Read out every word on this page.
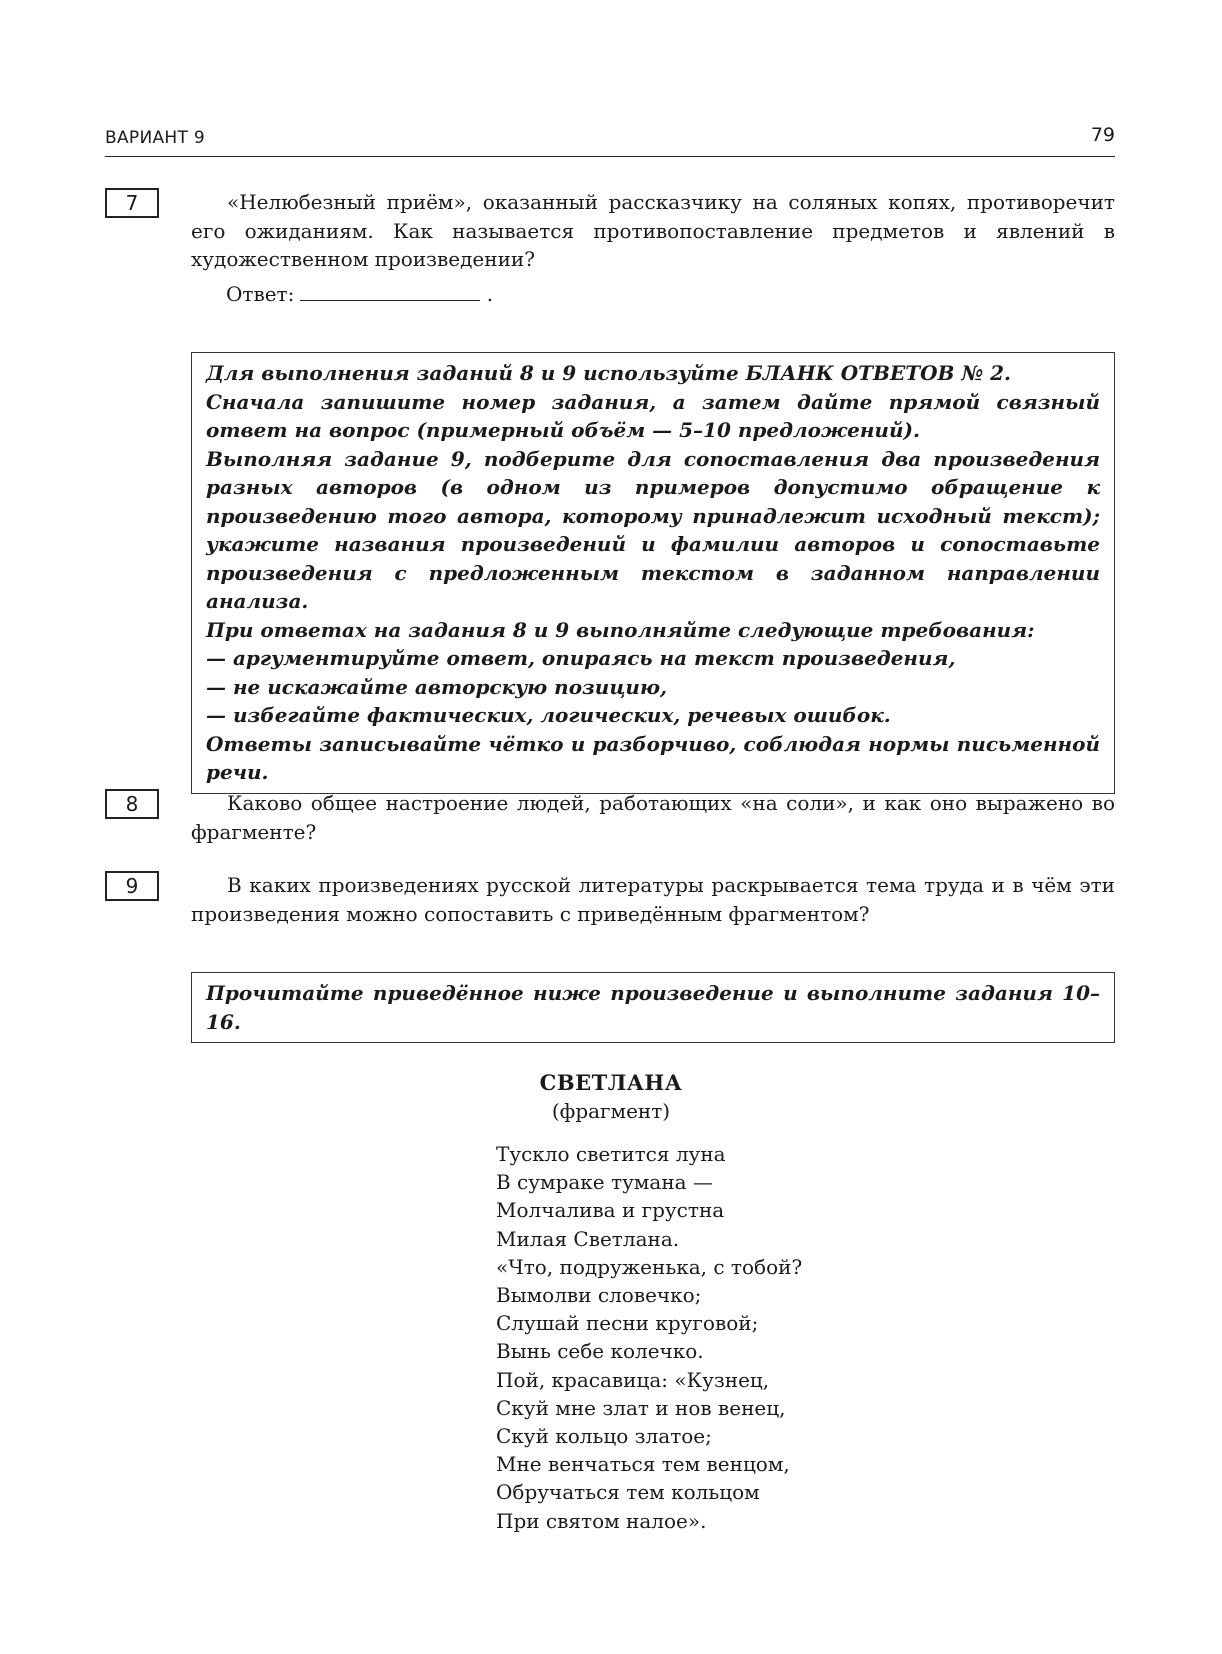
ВАРИАНТ 9	79
7	«Нелюбезный приём», оказанный рассказчику на соляных копях, противоречит его ожиданиям. Как называется противопоставление предметов и явлений в художественном произведении?
Ответ:	.

Для выполнения заданий 8 и 9 используйте БЛАНК ОТВЕТОВ № 2.

Сначала запишите номер задания, а затем дайте прямой связный ответ на вопрос (примерный объём — 5–10 предложений).

Выполняя задание 9, подберите для сопоставления два произведения разных авторов (в одном из примеров допустимо обращение к произведению того автора, которому принадлежит исходный текст); укажите названия произведений и фамилии авторов и сопоставьте произведения с предложенным текстом в заданном направлении анализа.

При ответах на задания 8 и 9 выполняйте следующие требования:

— аргументируйте ответ, опираясь на текст произведения,

— не искажайте авторскую позицию,

— избегайте фактических, логических, речевых ошибок.

Ответы записывайте чётко и разборчиво, соблюдая нормы письменной речи.

8	Каково общее настроение людей, работающих «на соли», и как оно выражено во фрагменте?
9	В каких произведениях русской литературы раскрывается тема труда и в чём эти произведения можно сопоставить с приведённым фрагментом?

Прочитайте приведённое ниже произведение и выполните задания 10–16.

СВЕТЛАНА
(фрагмент)
Тускло светится луна
В сумраке тумана —
Молчалива и грустна
Милая Светлана.
«Что, подруженька, с тобой?
Вымолви словечко;
Слушай песни круговой;
Вынь себе колечко.
Пой, красавица: «Кузнец,
Скуй мне злат и нов венец,
Скуй кольцо златое;
Мне венчаться тем венцом,
Обручаться тем кольцом
При святом налое».
